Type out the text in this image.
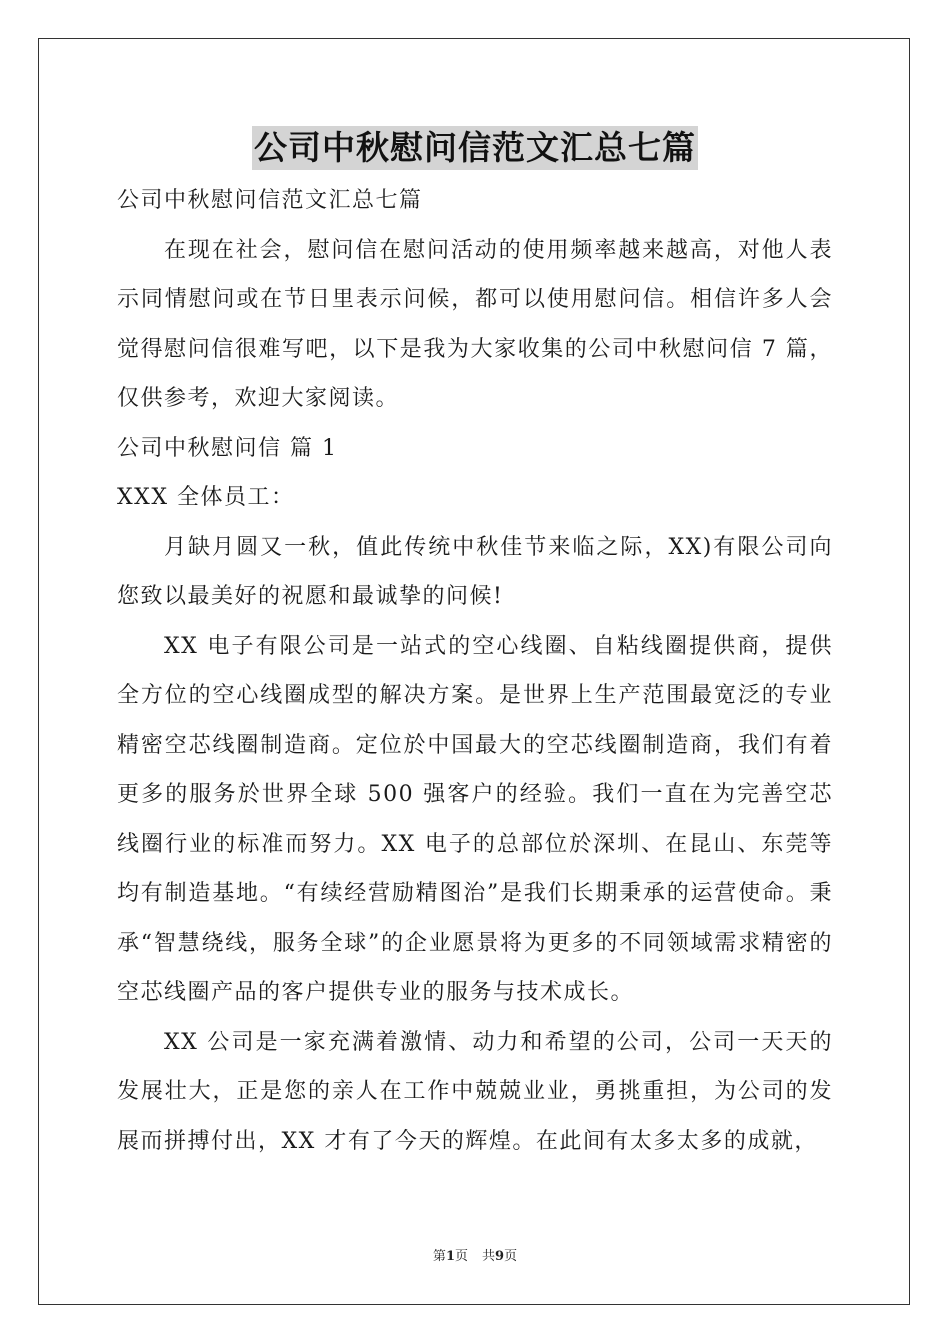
公司中秋慰问信范文汇总七篇

公司中秋慰问信范文汇总七篇

在现在社会，慰问信在慰问活动的使用频率越来越高，对他人表示同情慰问或在节日里表示问候，都可以使用慰问信。相信许多人会觉得慰问信很难写吧，以下是我为大家收集的公司中秋慰问信 7 篇，仅供参考，欢迎大家阅读。

公司中秋慰问信 篇 1

XXX 全体员工：

月缺月圆又一秋，值此传统中秋佳节来临之际，XX)有限公司向您致以最美好的祝愿和最诚挚的问候!

XX 电子有限公司是一站式的空心线圈、自粘线圈提供商，提供全方位的空心线圈成型的解决方案。是世界上生产范围最宽泛的专业精密空芯线圈制造商。定位於中国最大的空芯线圈制造商，我们有着更多的服务於世界全球 500 强客户的经验。我们一直在为完善空芯线圈行业的标准而努力。XX 电子的总部位於深圳、在昆山、东莞等均有制造基地。“有续经营励精图治”是我们长期秉承的运营使命。秉承“智慧绕线，服务全球”的企业愿景将为更多的不同领域需求精密的空芯线圈产品的客户提供专业的服务与技术成长。

XX 公司是一家充满着激情、动力和希望的公司，公司一天天的发展壮大，正是您的亲人在工作中兢兢业业，勇挑重担，为公司的发展而拼搏付出，XX 才有了今天的辉煌。在此间有太多太多的成就，

第1页 共9页
